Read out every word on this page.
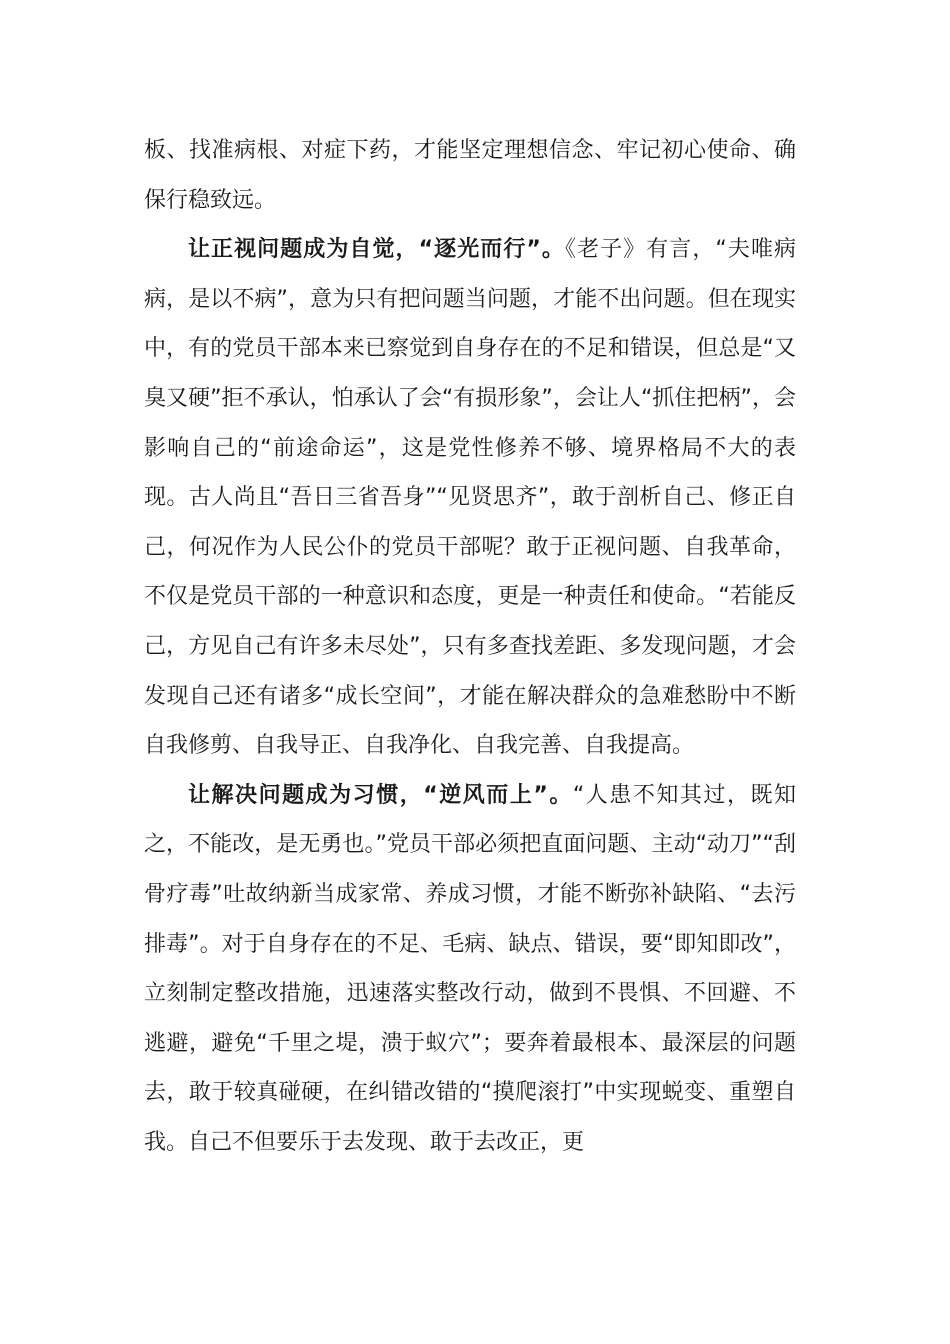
板、找准病根、对症下药，才能坚定理想信念、牢记初心使命、确保行稳致远。

让正视问题成为自觉，“逐光而行”。《老子》有言，“夫唯病病，是以不病”，意为只有把问题当问题，才能不出问题。但在现实中，有的党员干部本来已察觉到自身存在的不足和错误，但总是“又臭又硬”拒不承认，怕承认了会“有损形象”，会让人“抓住把柄”，会影响自己的“前途命运”，这是党性修养不够、境界格局不大的表现。古人尚且“吾日三省吾身”“见贤思齐”，敢于剖析自己、修正自己，何况作为人民公仆的党员干部呢？敢于正视问题、自我革命，不仅是党员干部的一种意识和态度，更是一种责任和使命。“若能反己，方见自己有许多未尽处”，只有多查找差距、多发现问题，才会发现自己还有诸多“成长空间”，才能在解决群众的急难愁盼中不断自我修剪、自我导正、自我净化、自我完善、自我提高。

让解决问题成为习惯，“逆风而上”。“人患不知其过，既知之，不能改，是无勇也。”党员干部必须把直面问题、主动“动刀”“刮骨疗毒”吐故纳新当成家常、养成习惯，才能不断弥补缺陷、“去污排毒”。对于自身存在的不足、毛病、缺点、错误，要“即知即改”，立刻制定整改措施，迅速落实整改行动，做到不畏惧、不回避、不逃避，避免“千里之堤，溃于蚁穴”；要奔着最根本、最深层的问题去，敢于较真碰硬，在纠错改错的“摸爬滚打”中实现蜕变、重塑自我。自己不但要乐于去发现、敢于去改正，更
